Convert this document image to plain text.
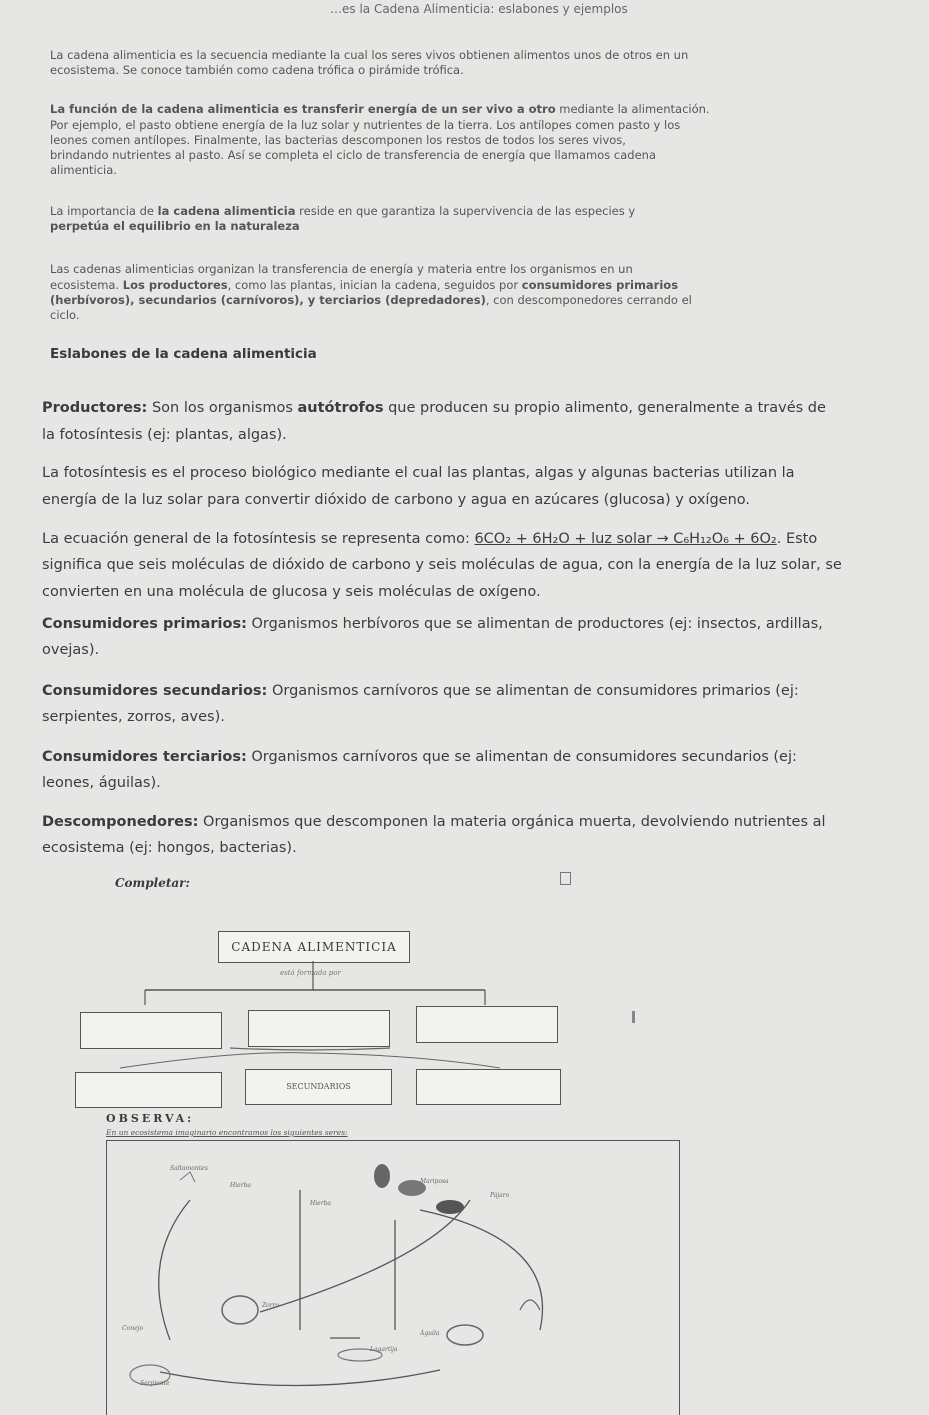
…es la Cadena Alimenticia: eslabones y ejemplos
La cadena alimenticia es la secuencia mediante la cual los seres vivos obtienen alimentos unos de otros en un
ecosistema. Se conoce también como cadena trófica o pirámide trófica.
La función de la cadena alimenticia es transferir energía de un ser vivo a otro mediante la alimentación.
Por ejemplo, el pasto obtiene energía de la luz solar y nutrientes de la tierra. Los antílopes comen pasto y los
leones comen antílopes. Finalmente, las bacterias descomponen los restos de todos los seres vivos,
brindando nutrientes al pasto. Así se completa el ciclo de transferencia de energía que llamamos cadena
alimenticia.
La importancia de la cadena alimenticia reside en que garantiza la supervivencia de las especies y
perpetúa el equilibrio en la naturaleza
Las cadenas alimenticias organizan la transferencia de energía y materia entre los organismos en un
ecosistema. Los productores, como las plantas, inician la cadena, seguidos por consumidores primarios
(herbívoros), secundarios (carnívoros), y terciarios (depredadores), con descomponedores cerrando el
ciclo.
Eslabones de la cadena alimenticia
Productores: Son los organismos autótrofos que producen su propio alimento, generalmente a través de
la fotosíntesis (ej: plantas, algas).
La fotosíntesis es el proceso biológico mediante el cual las plantas, algas y algunas bacterias utilizan la
energía de la luz solar para convertir dióxido de carbono y agua en azúcares (glucosa) y oxígeno.
La ecuación general de la fotosíntesis se representa como: 6CO₂ + 6H₂O + luz solar → C₆H₁₂O₆ + 6O₂. Esto
significa que seis moléculas de dióxido de carbono y seis moléculas de agua, con la energía de la luz solar, se
convierten en una molécula de glucosa y seis moléculas de oxígeno.
Consumidores primarios: Organismos herbívoros que se alimentan de productores (ej: insectos, ardillas,
ovejas).
Consumidores secundarios: Organismos carnívoros que se alimentan de consumidores primarios (ej:
serpientes, zorros, aves).
Consumidores terciarios: Organismos carnívoros que se alimentan de consumidores secundarios (ej:
leones, águilas).
Descomponedores: Organismos que descomponen la materia orgánica muerta, devolviendo nutrientes al
ecosistema (ej: hongos, bacterias).
Completar:
CADENA ALIMENTICIA
está formada por
SECUNDARIOS
OBSERVA:
En un ecosistema imaginario encontramos los siguientes seres:
Saltamontes
Hierba
Mariposa
Pájaro
Hierba
Conejo
Zorro
Águila
Lagartija
Serpiente
